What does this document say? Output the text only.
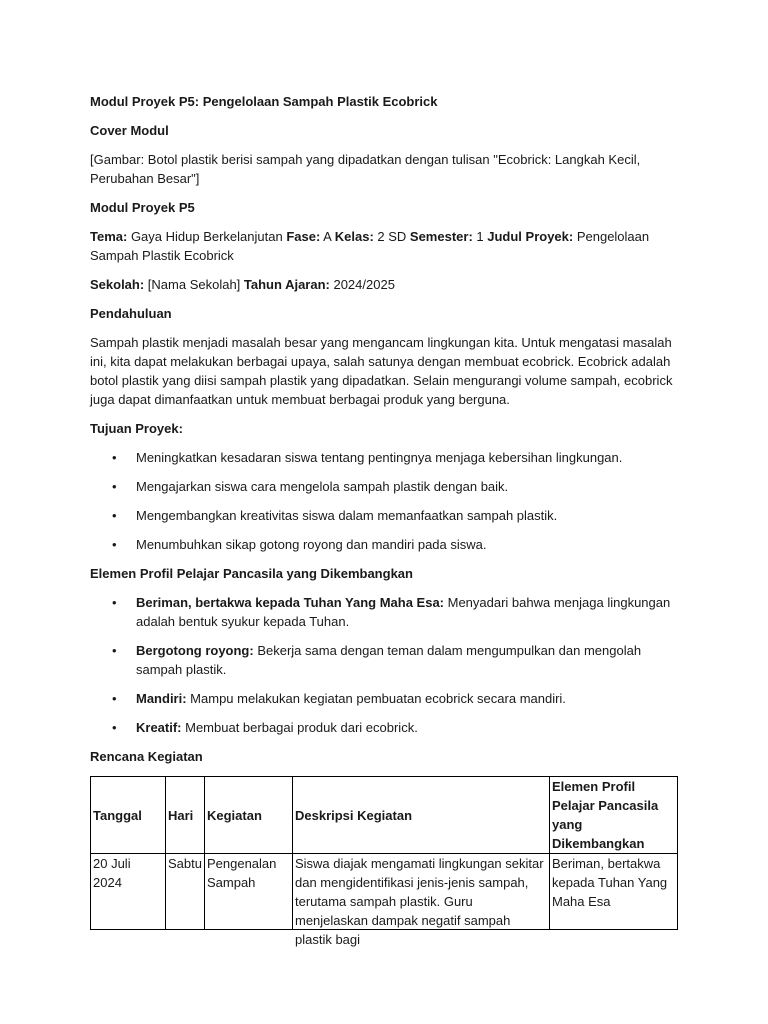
Modul Proyek P5: Pengelolaan Sampah Plastik Ecobrick

Cover Modul

[Gambar: Botol plastik berisi sampah yang dipadatkan dengan tulisan "Ecobrick: Langkah Kecil, Perubahan Besar"]

Modul Proyek P5

Tema: Gaya Hidup Berkelanjutan Fase: A Kelas: 2 SD Semester: 1 Judul Proyek: Pengelolaan Sampah Plastik Ecobrick

Sekolah: [Nama Sekolah] Tahun Ajaran: 2024/2025

Pendahuluan

Sampah plastik menjadi masalah besar yang mengancam lingkungan kita. Untuk mengatasi masalah ini, kita dapat melakukan berbagai upaya, salah satunya dengan membuat ecobrick. Ecobrick adalah botol plastik yang diisi sampah plastik yang dipadatkan. Selain mengurangi volume sampah, ecobrick juga dapat dimanfaatkan untuk membuat berbagai produk yang berguna.

Tujuan Proyek:

• Meningkatkan kesadaran siswa tentang pentingnya menjaga kebersihan lingkungan.
• Mengajarkan siswa cara mengelola sampah plastik dengan baik.
• Mengembangkan kreativitas siswa dalam memanfaatkan sampah plastik.
• Menumbuhkan sikap gotong royong dan mandiri pada siswa.

Elemen Profil Pelajar Pancasila yang Dikembangkan

• Beriman, bertakwa kepada Tuhan Yang Maha Esa: Menyadari bahwa menjaga lingkungan adalah bentuk syukur kepada Tuhan.
• Bergotong royong: Bekerja sama dengan teman dalam mengumpulkan dan mengolah sampah plastik.
• Mandiri: Mampu melakukan kegiatan pembuatan ecobrick secara mandiri.
• Kreatif: Membuat berbagai produk dari ecobrick.

Rencana Kegiatan

Tanggal	Hari	Kegiatan	Deskripsi Kegiatan	Elemen Profil Pelajar Pancasila yang Dikembangkan

20 Juli 2024	Sabtu	Pengenalan Sampah	Siswa diajak mengamati lingkungan sekitar dan mengidentifikasi jenis-jenis sampah, terutama sampah plastik. Guru menjelaskan dampak negatif sampah plastik bagi	Beriman, bertakwa kepada Tuhan Yang Maha Esa
